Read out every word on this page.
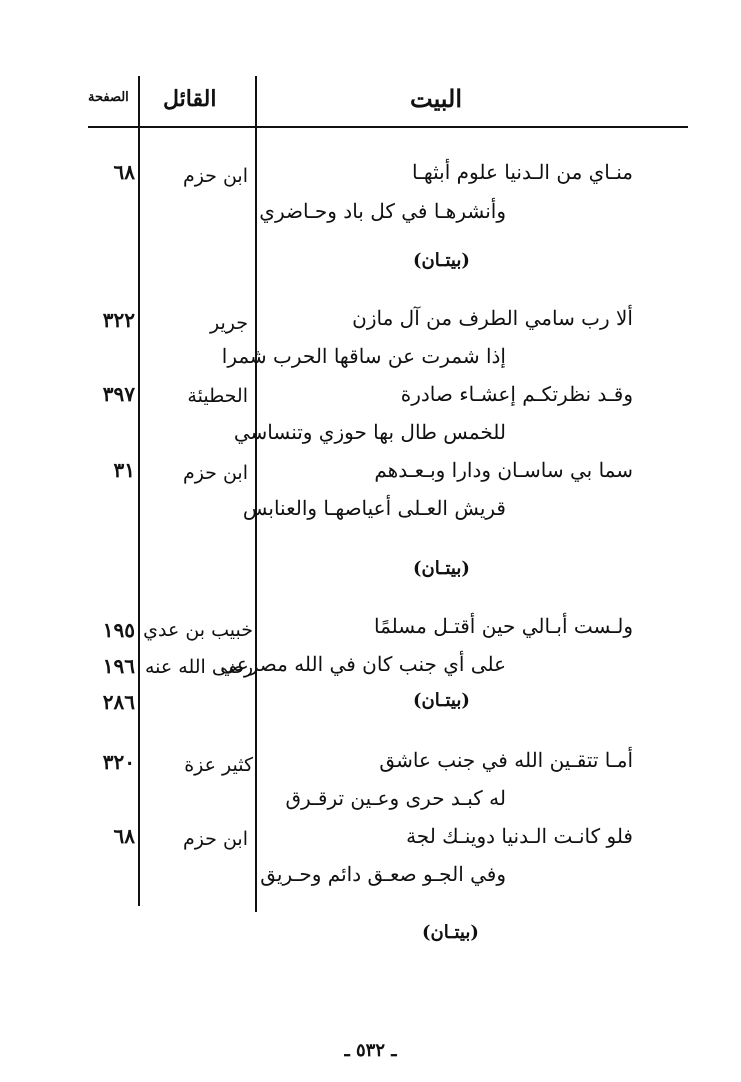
البيت
القائل
الصفحة
منـاي من الـدنيا علوم أبثهـا
ابن حزم
٦٨
وأنشرهـا في كل باد وحـاضري
(بيتـان)
ألا رب سامي الطرف من آل مازن
جرير
٣٢٢
إذا شمرت عن ساقها الحرب شمرا
وقـد نظرتكـم إعشـاء صادرة
الحطيئة
٣٩٧
للخمس طال بها حوزي وتنساسي
سما بي ساسـان ودارا وبـعـدهم
ابن حزم
٣١
قريش العـلى أعياصهـا والعنابس
(بيتـان)
ولـست أبـالي حين أقتـل مسلمًا
خبيب بن عدي
١٩٥
على أي جنب كان في الله مصرعي
رضى الله عنه
١٩٦
(بيتـان)
٢٨٦
أمـا تتقـين الله في جنب عاشق
كثير عزة
٣٢٠
له كبـد حرى وعـين ترقـرق
فلو كانـت الـدنيا دوينـك لجة
ابن حزم
٦٨
وفي الجـو صعـق دائم وحـريق
(بيتـان)
ـ ٥٣٢ ـ
